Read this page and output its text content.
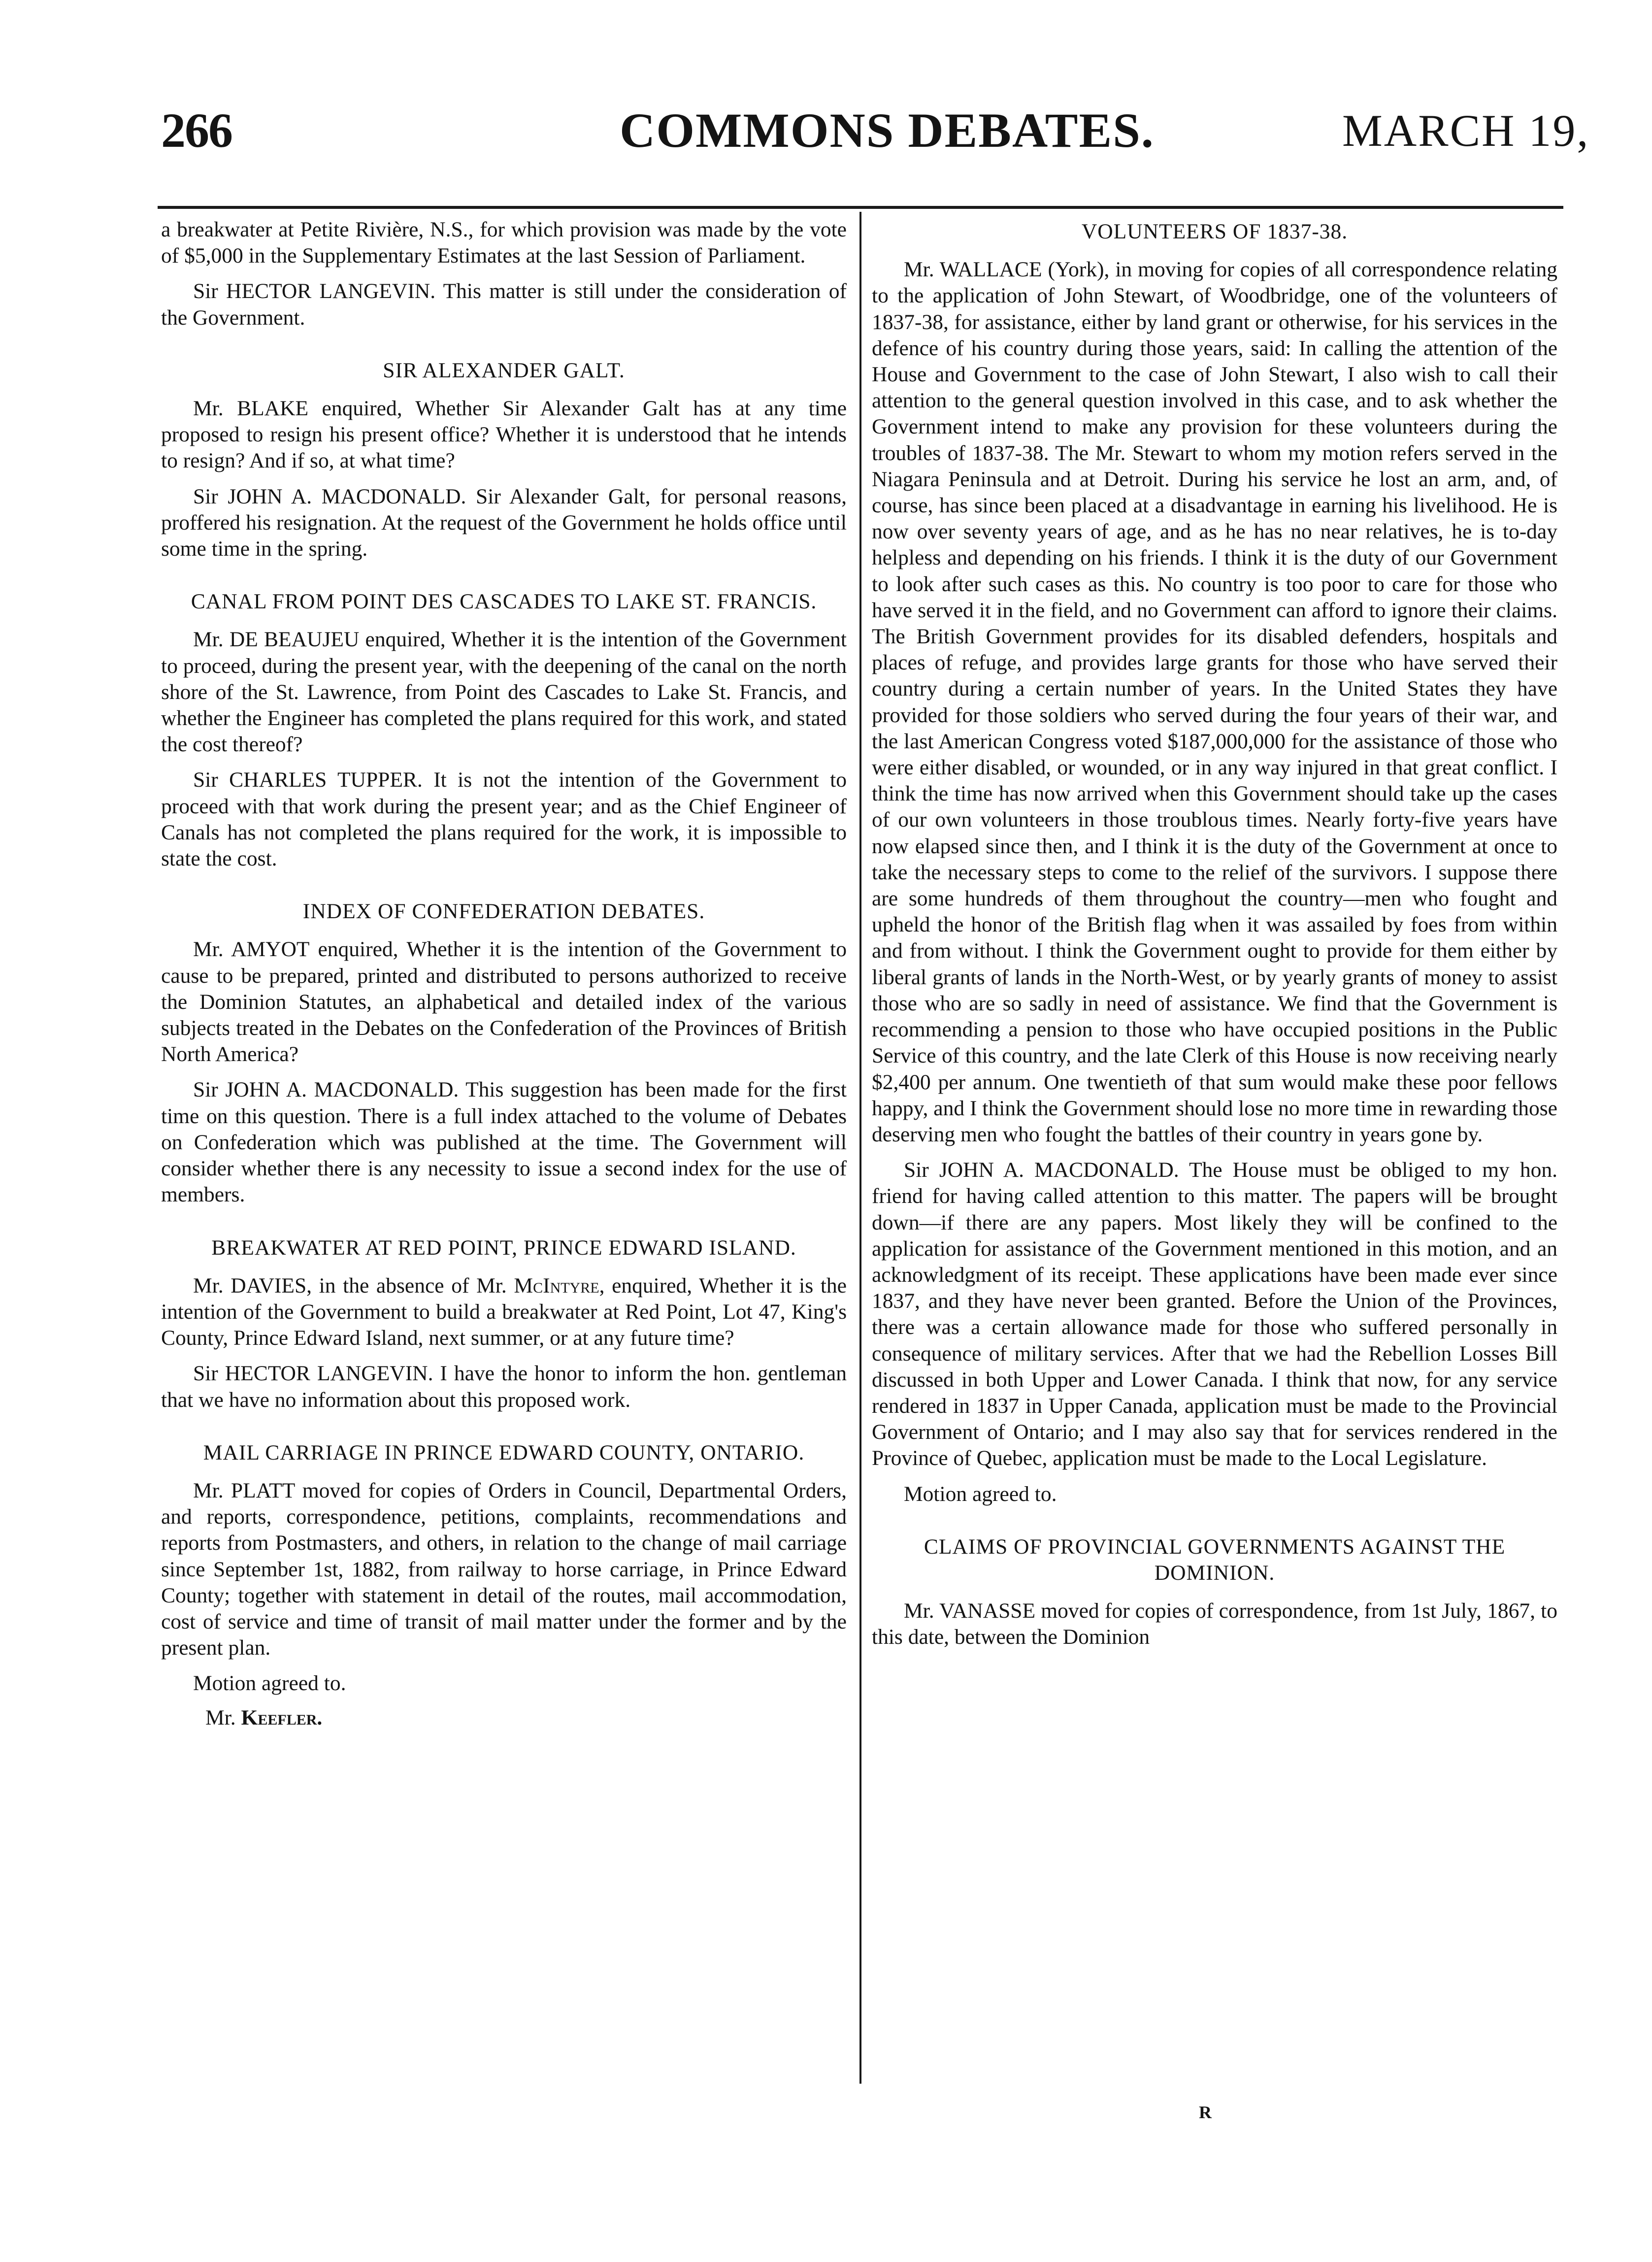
266	COMMONS DEBATES.	MARCH 19,

a breakwater at Petite Rivière, N.S., for which provision was made by the vote of $5,000 in the Supplementary Estimates at the last Session of Parliament.

Sir HECTOR LANGEVIN. This matter is still under the consideration of the Government.

SIR ALEXANDER GALT.

Mr. BLAKE enquired, Whether Sir Alexander Galt has at any time proposed to resign his present office? Whether it is understood that he intends to resign? And if so, at what time?

Sir JOHN A. MACDONALD. Sir Alexander Galt, for personal reasons, proffered his resignation. At the request of the Government he holds office until some time in the spring.

CANAL FROM POINT DES CASCADES TO LAKE ST. FRANCIS.

Mr. DE BEAUJEU enquired, Whether it is the intention of the Government to proceed, during the present year, with the deepening of the canal on the north shore of the St. Lawrence, from Point des Cascades to Lake St. Francis, and whether the Engineer has completed the plans required for this work, and stated the cost thereof?

Sir CHARLES TUPPER. It is not the intention of the Government to proceed with that work during the present year; and as the Chief Engineer of Canals has not completed the plans required for the work, it is impossible to state the cost.

INDEX OF CONFEDERATION DEBATES.

Mr. AMYOT enquired, Whether it is the intention of the Government to cause to be prepared, printed and distributed to persons authorized to receive the Dominion Statutes, an alphabetical and detailed index of the various subjects treated in the Debates on the Confederation of the Provinces of British North America?

Sir JOHN A. MACDONALD. This suggestion has been made for the first time on this question. There is a full index attached to the volume of Debates on Confederation which was published at the time. The Government will consider whether there is any necessity to issue a second index for the use of members.

BREAKWATER AT RED POINT, PRINCE EDWARD ISLAND.

Mr. DAVIES, in the absence of Mr. McIntyre, enquired, Whether it is the intention of the Government to build a breakwater at Red Point, Lot 47, King's County, Prince Edward Island, next summer, or at any future time?

Sir HECTOR LANGEVIN. I have the honor to inform the hon. gentleman that we have no information about this proposed work.

MAIL CARRIAGE IN PRINCE EDWARD COUNTY, ONTARIO.

Mr. PLATT moved for copies of Orders in Council, Departmental Orders, and reports, correspondence, petitions, complaints, recommendations and reports from Postmasters, and others, in relation to the change of mail carriage since September 1st, 1882, from railway to horse carriage, in Prince Edward County; together with statement in detail of the routes, mail accommodation, cost of service and time of transit of mail matter under the former and by the present plan.

Motion agreed to.

Mr. Keefler.

VOLUNTEERS OF 1837-38.

Mr. WALLACE (York), in moving for copies of all correspondence relating to the application of John Stewart, of Woodbridge, one of the volunteers of 1837-38, for assistance, either by land grant or otherwise, for his services in the defence of his country during those years, said: In calling the attention of the House and Government to the case of John Stewart, I also wish to call their attention to the general question involved in this case, and to ask whether the Government intend to make any provision for these volunteers during the troubles of 1837-38. The Mr. Stewart to whom my motion refers served in the Niagara Peninsula and at Detroit. During his service he lost an arm, and, of course, has since been placed at a disadvantage in earning his livelihood. He is now over seventy years of age, and as he has no near relatives, he is to-day helpless and depending on his friends. I think it is the duty of our Government to look after such cases as this. No country is too poor to care for those who have served it in the field, and no Government can afford to ignore their claims. The British Government provides for its disabled defenders, hospitals and places of refuge, and provides large grants for those who have served their country during a certain number of years. In the United States they have provided for those soldiers who served during the four years of their war, and the last American Congress voted $187,000,000 for the assistance of those who were either disabled, or wounded, or in any way injured in that great conflict. I think the time has now arrived when this Government should take up the cases of our own volunteers in those troublous times. Nearly forty-five years have now elapsed since then, and I think it is the duty of the Government at once to take the necessary steps to come to the relief of the survivors. I suppose there are some hundreds of them throughout the country—men who fought and upheld the honor of the British flag when it was assailed by foes from within and from without. I think the Government ought to provide for them either by liberal grants of lands in the North-West, or by yearly grants of money to assist those who are so sadly in need of assistance. We find that the Government is recommending a pension to those who have occupied positions in the Public Service of this country, and the late Clerk of this House is now receiving nearly $2,400 per annum. One twentieth of that sum would make these poor fellows happy, and I think the Government should lose no more time in rewarding those deserving men who fought the battles of their country in years gone by.

Sir JOHN A. MACDONALD. The House must be obliged to my hon. friend for having called attention to this matter. The papers will be brought down—if there are any papers. Most likely they will be confined to the application for assistance of the Government mentioned in this motion, and an acknowledgment of its receipt. These applications have been made ever since 1837, and they have never been granted. Before the Union of the Provinces, there was a certain allowance made for those who suffered personally in consequence of military services. After that we had the Rebellion Losses Bill discussed in both Upper and Lower Canada. I think that now, for any service rendered in 1837 in Upper Canada, application must be made to the Provincial Government of Ontario; and I may also say that for services rendered in the Province of Quebec, application must be made to the Local Legislature.

Motion agreed to.

CLAIMS OF PROVINCIAL GOVERNMENTS AGAINST THE DOMINION.

Mr. VANASSE moved for copies of correspondence, from 1st July, 1867, to this date, between the Dominion

R
